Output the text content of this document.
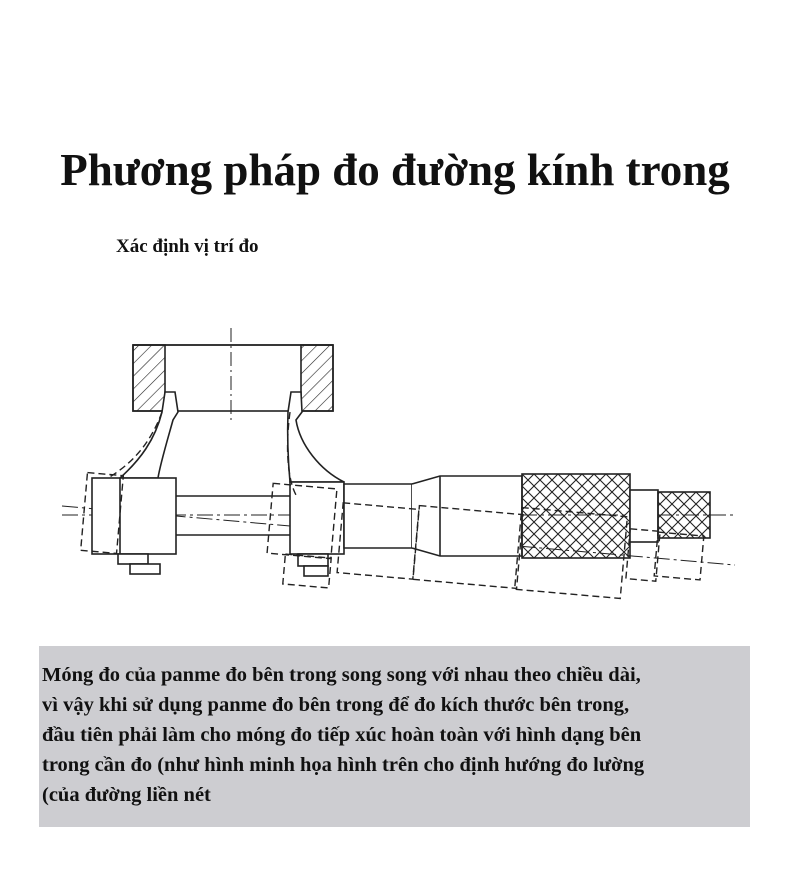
Phương pháp đo đường kính trong
Xác định vị trí đo
Móng đo của panme đo bên trong song song với nhau theo chiều dài,
vì vậy khi sử dụng panme đo bên trong để đo kích thước bên trong,
đầu tiên phải làm cho móng đo tiếp xúc hoàn toàn với hình dạng bên
trong cần đo (như hình minh họa hình trên cho định hướng đo lường
(của đường liền nét
